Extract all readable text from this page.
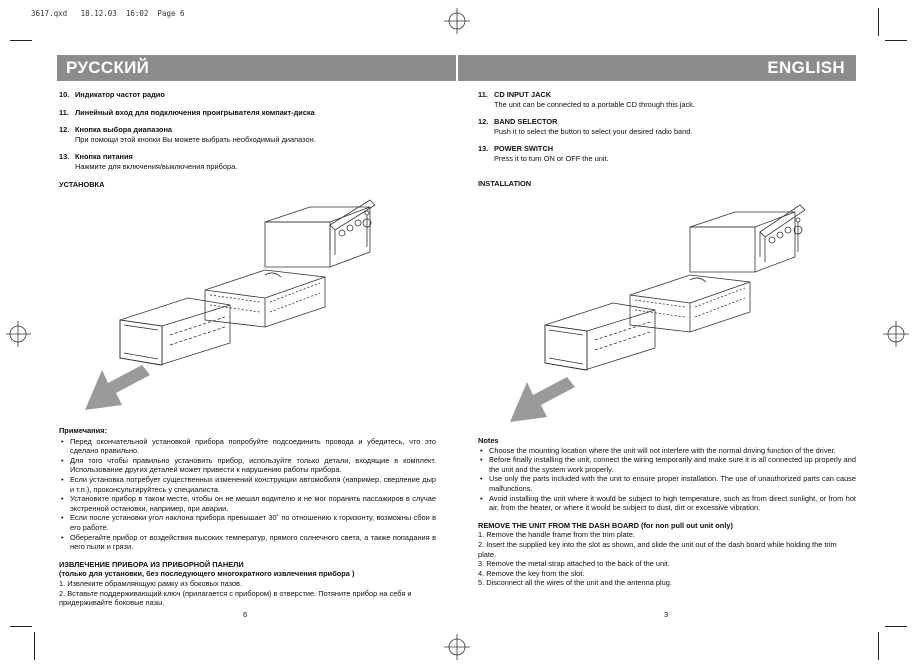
3617.qxd   18.12.03  16:02  Page 6
РУССКИЙ	ENGLISH
10. Индикатор частот радио
11. Линейный вход для подключения проигрывателя компакт-диска
12. Кнопка выбора диапазона
При помощи этой кнопки Вы можете выбрать необходимый диапазон.
13. Кнопка питания
Нажмите для включения/выключения прибора.
УСТАНОВКА
11. CD INPUT JACK
The unit can be connected to a portable CD through this jack.
12. BAND SELECTOR
Push it to select the button to select your desired radio band.
13. POWER SWITCH
Press it to turn ON or OFF the unit.
INSTALLATION
Примечания:
• Перед окончательной установкой прибора попробуйте подсоединить провода и убедитесь, что это сделано правильно.
• Для того чтобы правильно установить прибор, используйте только детали, входящие в комплект. Использование других деталей может привести к нарушению работы прибора.
• Если установка потребует существенных изменений конструкции автомобиля (например, сверление дыр и т.п.), проконсультируйтесь у специалиста.
• Установите прибор в таком месте, чтобы он не мешал водителю и не мог поранить пассажиров в случае экстренной остановки, например, при аварии.
• Если после установки угол наклона прибора превышает 30˚ по отношению к горизонту, возможны сбои в его работе.
• Оберегайте прибор от воздействия высоких температур, прямого солнечного света, а также попадания в него пыли и грязи.
ИЗВЛЕЧЕНИЕ ПРИБОРА ИЗ ПРИБОРНОЙ ПАНЕЛИ
(только для установки, без последующего многократного извлечения прибора )
1. Извлеките обрамляющую рамку из боковых пазов.
2. Вставьте поддерживающий ключ (прилагается с прибором) в отверстие. Потяните прибор на себя и придерживайте боковые пазы.
Notes
• Choose the mounting location where the unit will not interfere with the normal driving function of the driver.
• Before finally installing the unit, connect the wiring temporarily and make sure it is all connected up properly and the unit and the system work properly.
• Use only the parts included with the unit to ensure proper installation. The use of unauthorized parts can cause malfunctions.
• Avoid installing the unit where it would be subject to high temperature, such as from direct sunlight, or from hot air, from the heater, or where it would be subject to dust, dirt or excessive vibration.
REMOVE THE UNIT FROM THE DASH BOARD (for non pull out unit only)
1. Remove the handle frame from the trim plate.
2. Insert the supplied key into the slot as shown, and slide the unit out of the dash board while holding the trim plate.
3. Remove the metal strap attached to the back of the unit.
4. Remove the key from the slot.
5. Disconnect all the wires of the unit and the antenna plug.
6	3
